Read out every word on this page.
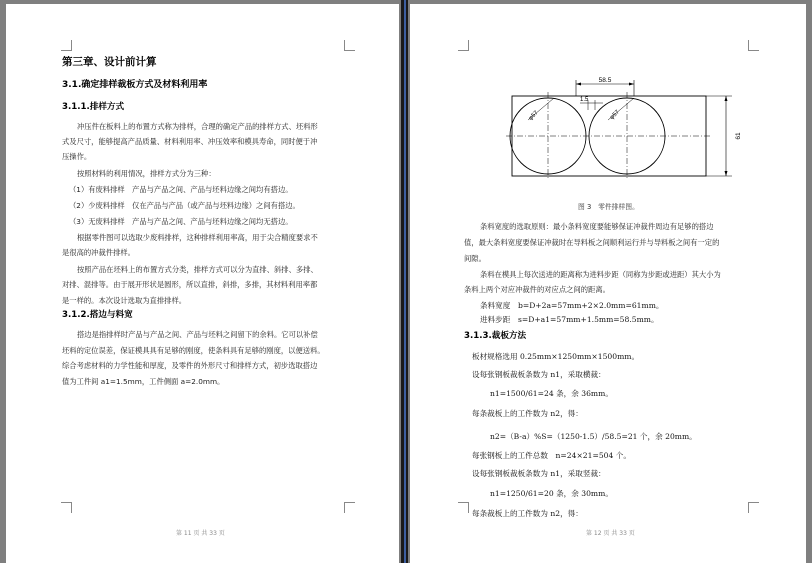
第三章、设计前计算
3.1.确定排样裁板方式及材料利用率
3.1.1.排样方式
冲压件在板料上的布置方式称为排样，合理的确定产品的排样方式、坯料形
式及尺寸，能够提高产品质量、材料利用率、冲压效率和模具寿命，同时便于冲
压操作。
按照材料的利用情况，排样方式分为三种：
（1）有废料排样　产品与产品之间、产品与坯料边缘之间均有搭边。
（2）少废料排样　仅在产品与产品（或产品与坯料边缘）之间有搭边。
（3）无废料排样　产品与产品之间、产品与坯料边缘之间均无搭边。
根据零件图可以选取少废料排样，这种排样利用率高，用于尖合精度要求不
是很高的冲裁件排样。
按照产品在坯料上的布置方式分类，排样方式可以分为直排、斜排、多排、
对排、混排等。由于展开形状是圆形，所以直排，斜排，多排，其材料利用率都
是一样的。本次设计选取为直排排样。
3.1.2.搭边与料宽
搭边是指排样时产品与产品之间、产品与坯料之间留下的余料。它可以补偿
坯料的定位误差，保证模具具有足够的刚度，使条料具有足够的刚度，以便送料。
综合考虑材料的力学性能和厚度，及零件的外形尺寸和排样方式，初步选取搭边
值为工件间 a1=1.5mm，工件侧面 a=2.0mm。
第 11 页 共 33 页
58.5
1.5
φ57	φ57
61
图 3　零件排样图。
条料宽度的选取原则：最小条料宽度要能够保证冲裁件周边有足够的搭边
值，最大条料宽度要保证冲裁时在导料板之间顺利运行并与导料板之间有一定的
间隙。
条料在模具上每次送进的距离称为进料步距（同称为步距或进距）其大小为
条料上两个对应冲裁件的对应点之间的距离。
条料宽度　b=D+2a=57mm+2×2.0mm=61mm。
进料步距　s=D+a1=57mm+1.5mm=58.5mm。
3.1.3.裁板方法
板材规格选用 0.25mm×1250mm×1500mm。
设每张钢板裁板条数为 n1，采取横裁：
n1=1500/61=24 条，余 36mm。
每条裁板上的工件数为 n2，得：
n2=（B-a）%S=（1250-1.5）/58.5=21 个，余 20mm。
每张钢板上的工件总数　n=24×21=504 个。
设每张钢板裁板条数为 n1，采取竖裁：
n1=1250/61=20 条，余 30mm。
每条裁板上的工件数为 n2，得：
第 12 页 共 33 页
